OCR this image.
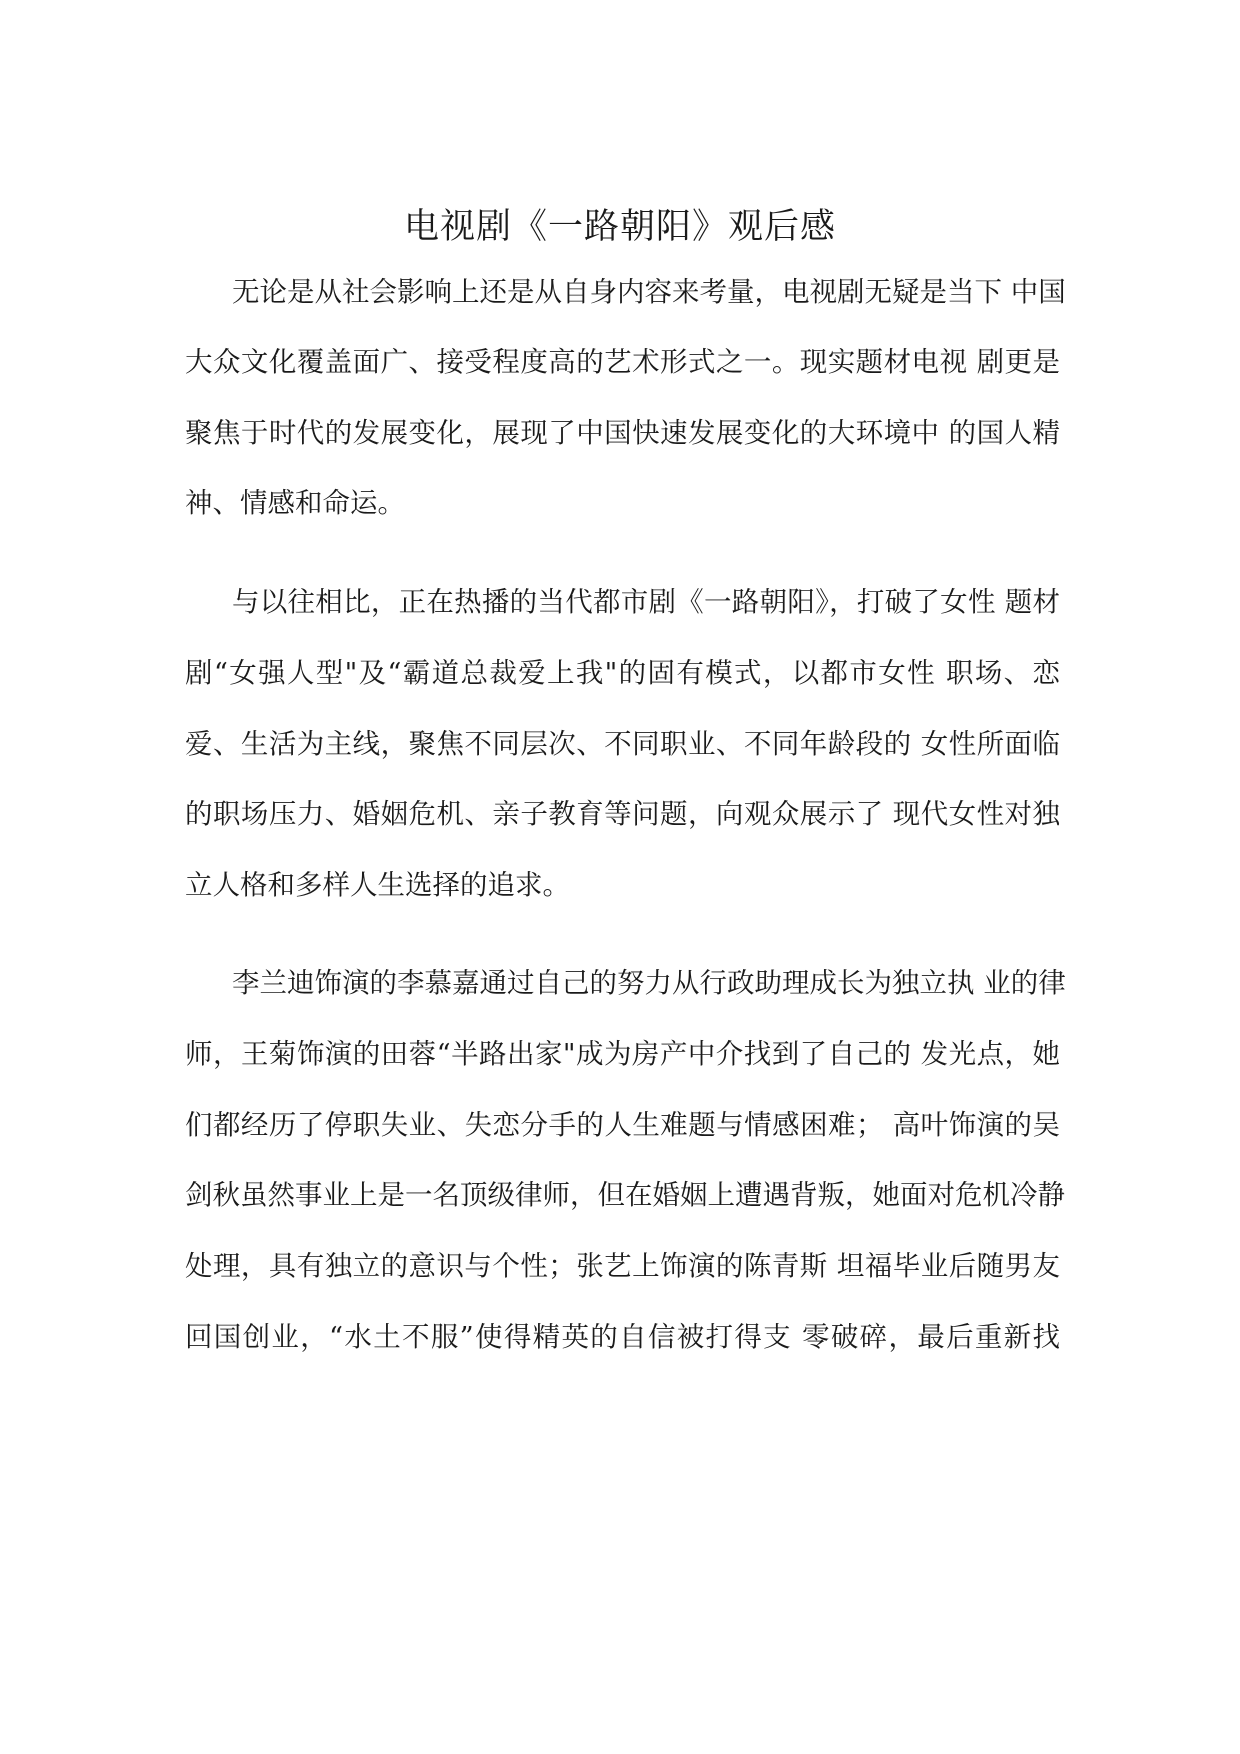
电视剧《一路朝阳》观后感
无论是从社会影响上还是从自身内容来考量，电视剧无疑是当下 中国
大众文化覆盖面广、接受程度高的艺术形式之一。现实题材电视 剧更是
聚焦于时代的发展变化，展现了中国快速发展变化的大环境中 的国人精
神、情感和命运。
与以往相比，正在热播的当代都市剧《一路朝阳》，打破了女性 题材
剧“女强人型"及“霸道总裁爱上我"的固有模式，以都市女性 职场、恋
爱、生活为主线，聚焦不同层次、不同职业、不同年龄段的 女性所面临
的职场压力、婚姻危机、亲子教育等问题，向观众展示了 现代女性对独
立人格和多样人生选择的追求。
李兰迪饰演的李慕嘉通过自己的努力从行政助理成长为独立执 业的律
师，王菊饰演的田蓉“半路出家"成为房产中介找到了自己的 发光点，她
们都经历了停职失业、失恋分手的人生难题与情感困难； 高叶饰演的吴
剑秋虽然事业上是一名顶级律师，但在婚姻上遭遇背叛，她面对危机冷静
处理，具有独立的意识与个性；张艺上饰演的陈青斯 坦福毕业后随男友
回国创业，“水土不服”使得精英的自信被打得支 零破碎，最后重新找
